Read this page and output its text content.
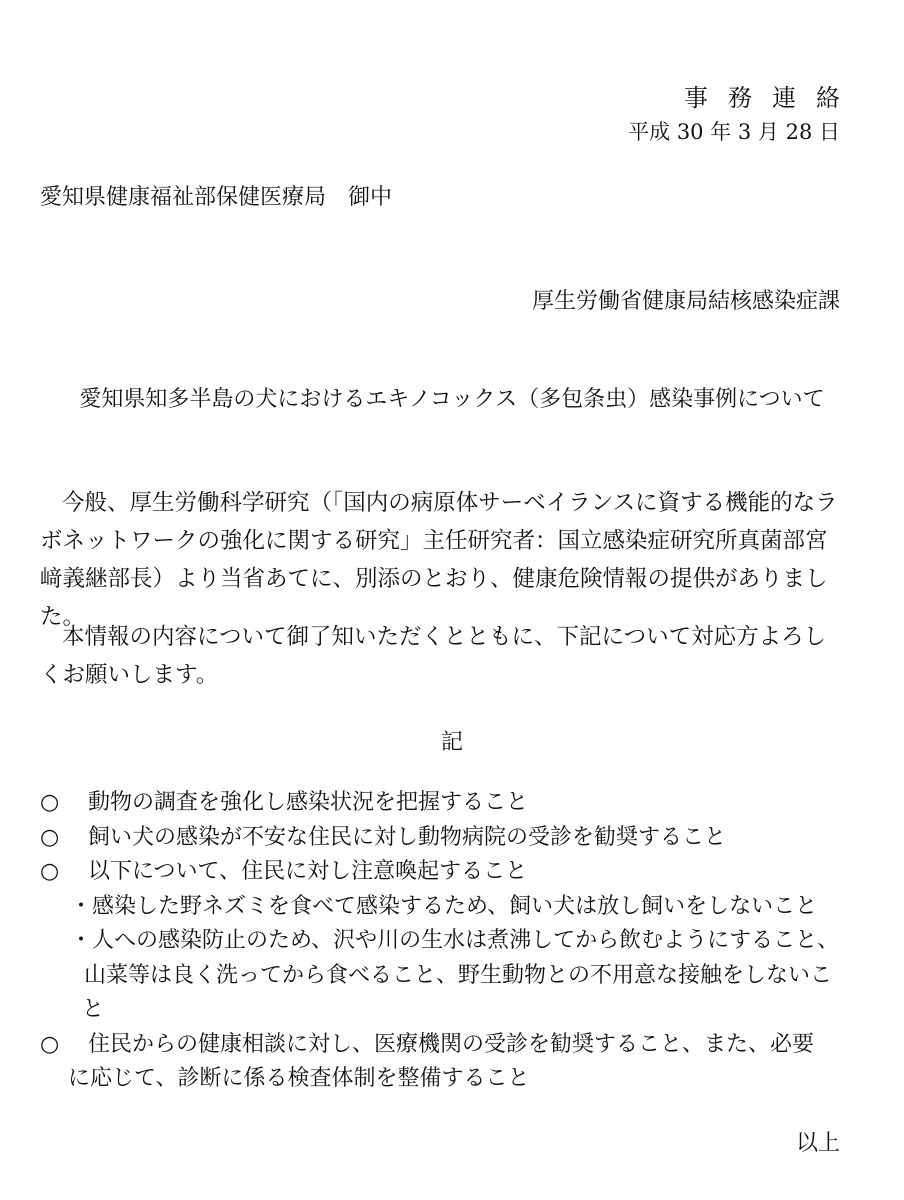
事務連絡
平成 30 年 3 月 28 日
愛知県健康福祉部保健医療局　御中
厚生労働省健康局結核感染症課
愛知県知多半島の犬におけるエキノコックス（多包条虫）感染事例について
今般、厚生労働科学研究（「国内の病原体サーベイランスに資する機能的なラ
ボネットワークの強化に関する研究」主任研究者：国立感染症研究所真菌部宮
﨑義継部長）より当省あてに、別添のとおり、健康危険情報の提供がありまし
た。
本情報の内容について御了知いただくとともに、下記について対応方よろし
くお願いします。
記
○ 動物の調査を強化し感染状況を把握すること
○ 飼い犬の感染が不安な住民に対し動物病院の受診を勧奨すること
○ 以下について、住民に対し注意喚起すること
・感染した野ネズミを食べて感染するため、飼い犬は放し飼いをしないこと
・人への感染防止のため、沢や川の生水は煮沸してから飲むようにすること、
山菜等は良く洗ってから食べること、野生動物との不用意な接触をしないこ
と
○ 住民からの健康相談に対し、医療機関の受診を勧奨すること、また、必要
に応じて、診断に係る検査体制を整備すること
以上
